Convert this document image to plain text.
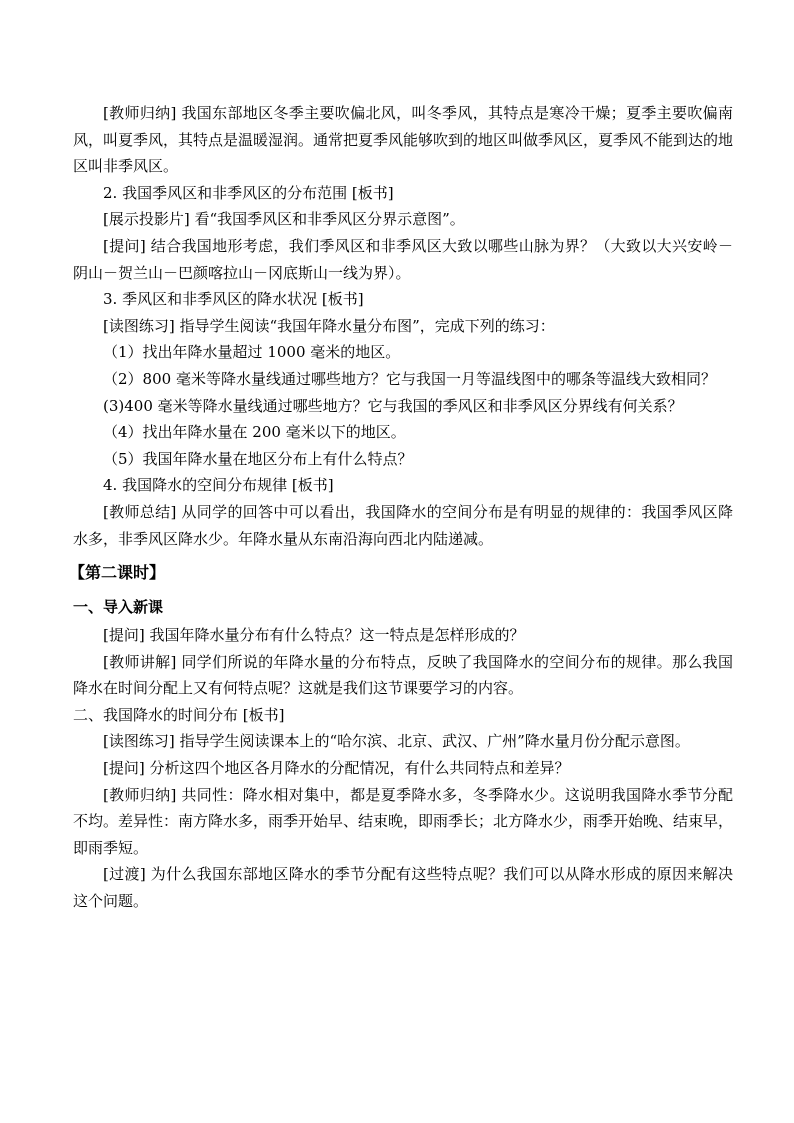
[教师归纳] 我国东部地区冬季主要吹偏北风，叫冬季风，其特点是寒冷干燥；夏季主要吹偏南风，叫夏季风，其特点是温暖湿润。通常把夏季风能够吹到的地区叫做季风区，夏季风不能到达的地区叫非季风区。

2. 我国季风区和非季风区的分布范围 [板书]

[展示投影片] 看“我国季风区和非季风区分界示意图”。

[提问] 结合我国地形考虑，我们季风区和非季风区大致以哪些山脉为界？（大致以大兴安岭－阴山－贺兰山－巴颜喀拉山－冈底斯山一线为界）。

3. 季风区和非季风区的降水状况 [板书]

[读图练习] 指导学生阅读“我国年降水量分布图”，完成下列的练习：

（1）找出年降水量超过 1000 毫米的地区。

（2）800 毫米等降水量线通过哪些地方？它与我国一月等温线图中的哪条等温线大致相同？

(3)400 毫米等降水量线通过哪些地方？它与我国的季风区和非季风区分界线有何关系？

（4）找出年降水量在 200 毫米以下的地区。

（5）我国年降水量在地区分布上有什么特点？

4. 我国降水的空间分布规律 [板书]

[教师总结] 从同学的回答中可以看出，我国降水的空间分布是有明显的规律的：我国季风区降水多，非季风区降水少。年降水量从东南沿海向西北内陆递减。

【第二课时】

一、导入新课

[提问] 我国年降水量分布有什么特点？这一特点是怎样形成的？

[教师讲解] 同学们所说的年降水量的分布特点，反映了我国降水的空间分布的规律。那么我国降水在时间分配上又有何特点呢？这就是我们这节课要学习的内容。

二、我国降水的时间分布 [板书]

[读图练习] 指导学生阅读课本上的“哈尔滨、北京、武汉、广州”降水量月份分配示意图。

[提问] 分析这四个地区各月降水的分配情况，有什么共同特点和差异？

[教师归纳] 共同性：降水相对集中，都是夏季降水多，冬季降水少。这说明我国降水季节分配不均。差异性：南方降水多，雨季开始早、结束晚，即雨季长；北方降水少，雨季开始晚、结束早，即雨季短。

[过渡] 为什么我国东部地区降水的季节分配有这些特点呢？我们可以从降水形成的原因来解决这个问题。
